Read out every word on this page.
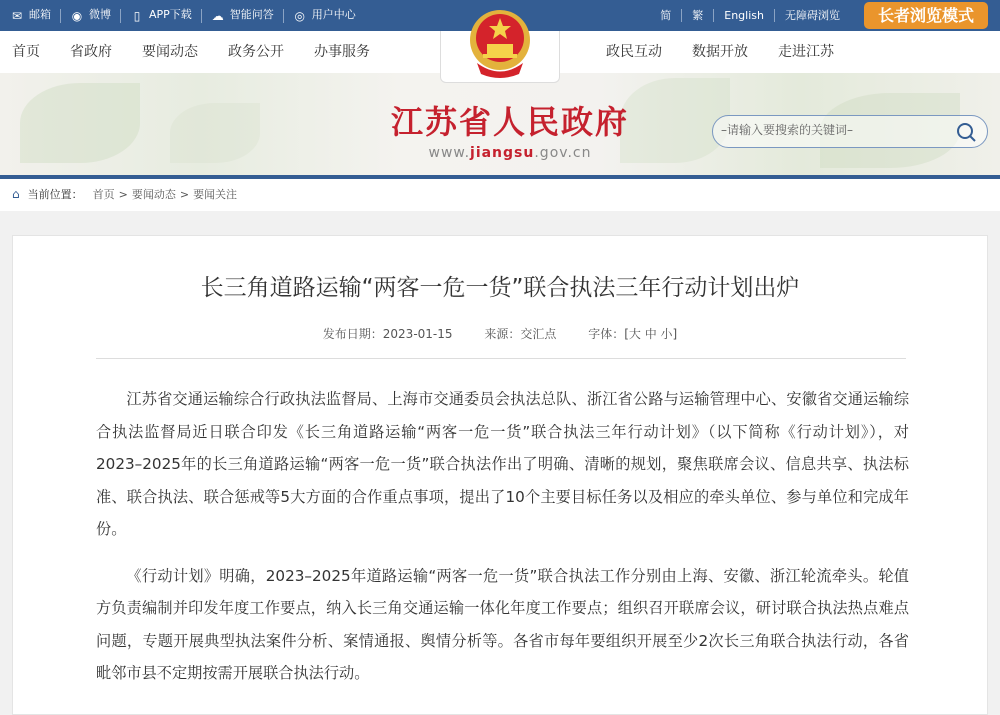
✉ 邮箱 ◉ 微博	▯ APP下载 ☁ 智能问答 ◎ 用户中心	简	繁	English	无障碍浏览	长者浏览模式
首页 省政府 要闻动态 政务公开 办事服务	政民互动 数据开放 走进江苏
江苏省人民政府
www.jiangsu.gov.cn
–请输入要搜索的关键词–
⌂ 当前位置： 首页 > 要闻动态 > 要闻关注
长三角道路运输“两客一危一货”联合执法三年行动计划出炉
发布日期：2023-01-15	来源：交汇点	字体：[大 中 小]

江苏省交通运输综合行政执法监督局、上海市交通委员会执法总队、浙江省公路与运输管理中心、安徽省交通运输综合执法监督局近日联合印发《长三角道路运输“两客一危一货”联合执法三年行动计划》（以下简称《行动计划》），对2023–2025年的长三角道路运输“两客一危一货”联合执法作出了明确、清晰的规划，聚焦联席会议、信息共享、执法标准、联合执法、联合惩戒等5大方面的合作重点事项，提出了10个主要目标任务以及相应的牵头单位、参与单位和完成年份。

《行动计划》明确，2023–2025年道路运输“两客一危一货”联合执法工作分别由上海、安徽、浙江轮流牵头。轮值方负责编制并印发年度工作要点，纳入长三角交通运输一体化年度工作要点；组织召开联席会议，研讨联合执法热点难点问题，专题开展典型执法案件分析、案情通报、舆情分析等。各省市每年要组织开展至少2次长三角联合执法行动，各省毗邻市县不定期按需开展联合执法行动。
